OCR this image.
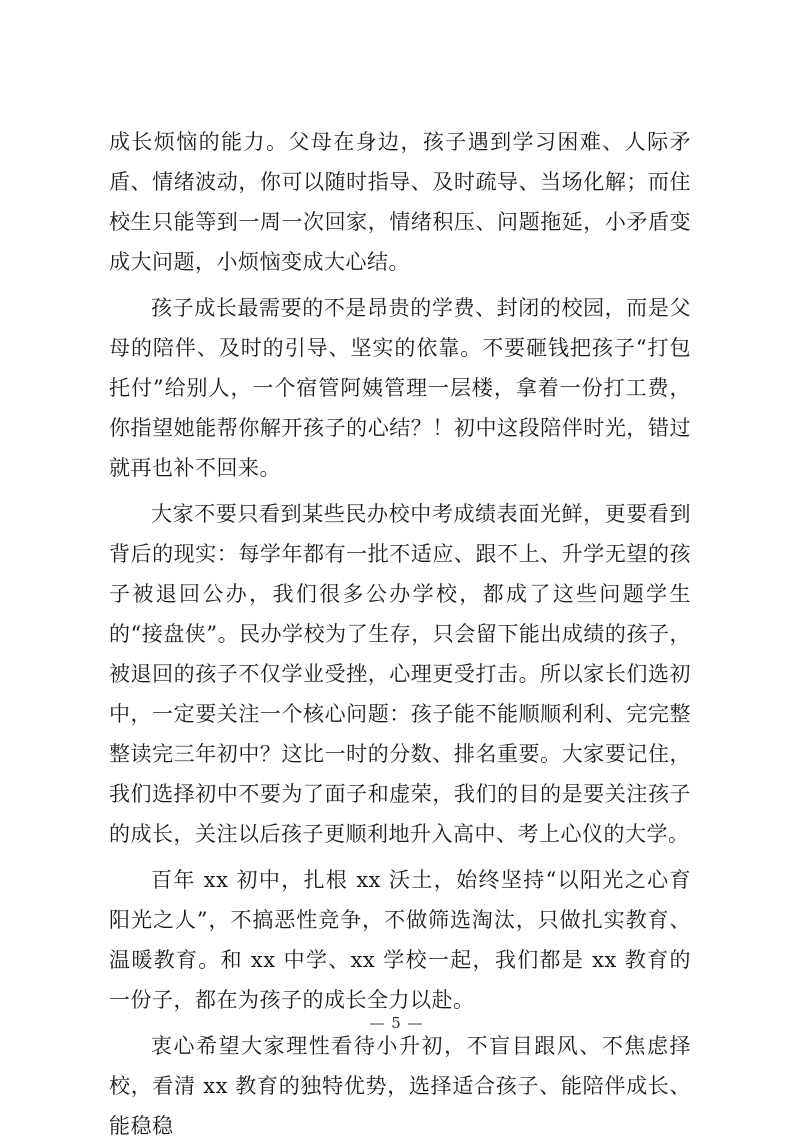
成长烦恼的能力。父母在身边，孩子遇到学习困难、人际矛盾、情绪波动，你可以随时指导、及时疏导、当场化解；而住校生只能等到一周一次回家，情绪积压、问题拖延，小矛盾变成大问题，小烦恼变成大心结。

孩子成长最需要的不是昂贵的学费、封闭的校园，而是父母的陪伴、及时的引导、坚实的依靠。不要砸钱把孩子“打包托付”给别人，一个宿管阿姨管理一层楼，拿着一份打工费，你指望她能帮你解开孩子的心结？！初中这段陪伴时光，错过就再也补不回来。

大家不要只看到某些民办校中考成绩表面光鲜，更要看到背后的现实：每学年都有一批不适应、跟不上、升学无望的孩子被退回公办，我们很多公办学校，都成了这些问题学生的“接盘侠”。民办学校为了生存，只会留下能出成绩的孩子，被退回的孩子不仅学业受挫，心理更受打击。所以家长们选初中，一定要关注一个核心问题：孩子能不能顺顺利利、完完整整读完三年初中？这比一时的分数、排名重要。大家要记住，我们选择初中不要为了面子和虚荣，我们的目的是要关注孩子的成长，关注以后孩子更顺利地升入高中、考上心仪的大学。

百年 xx 初中，扎根 xx 沃土，始终坚持“以阳光之心育阳光之人”，不搞恶性竞争，不做筛选淘汰，只做扎实教育、温暖教育。和 xx 中学、xx 学校一起，我们都是 xx 教育的一份子，都在为孩子的成长全力以赴。

衷心希望大家理性看待小升初，不盲目跟风、不焦虑择校，看清 xx 教育的独特优势，选择适合孩子、能陪伴成长、能稳稳

— 5 —
